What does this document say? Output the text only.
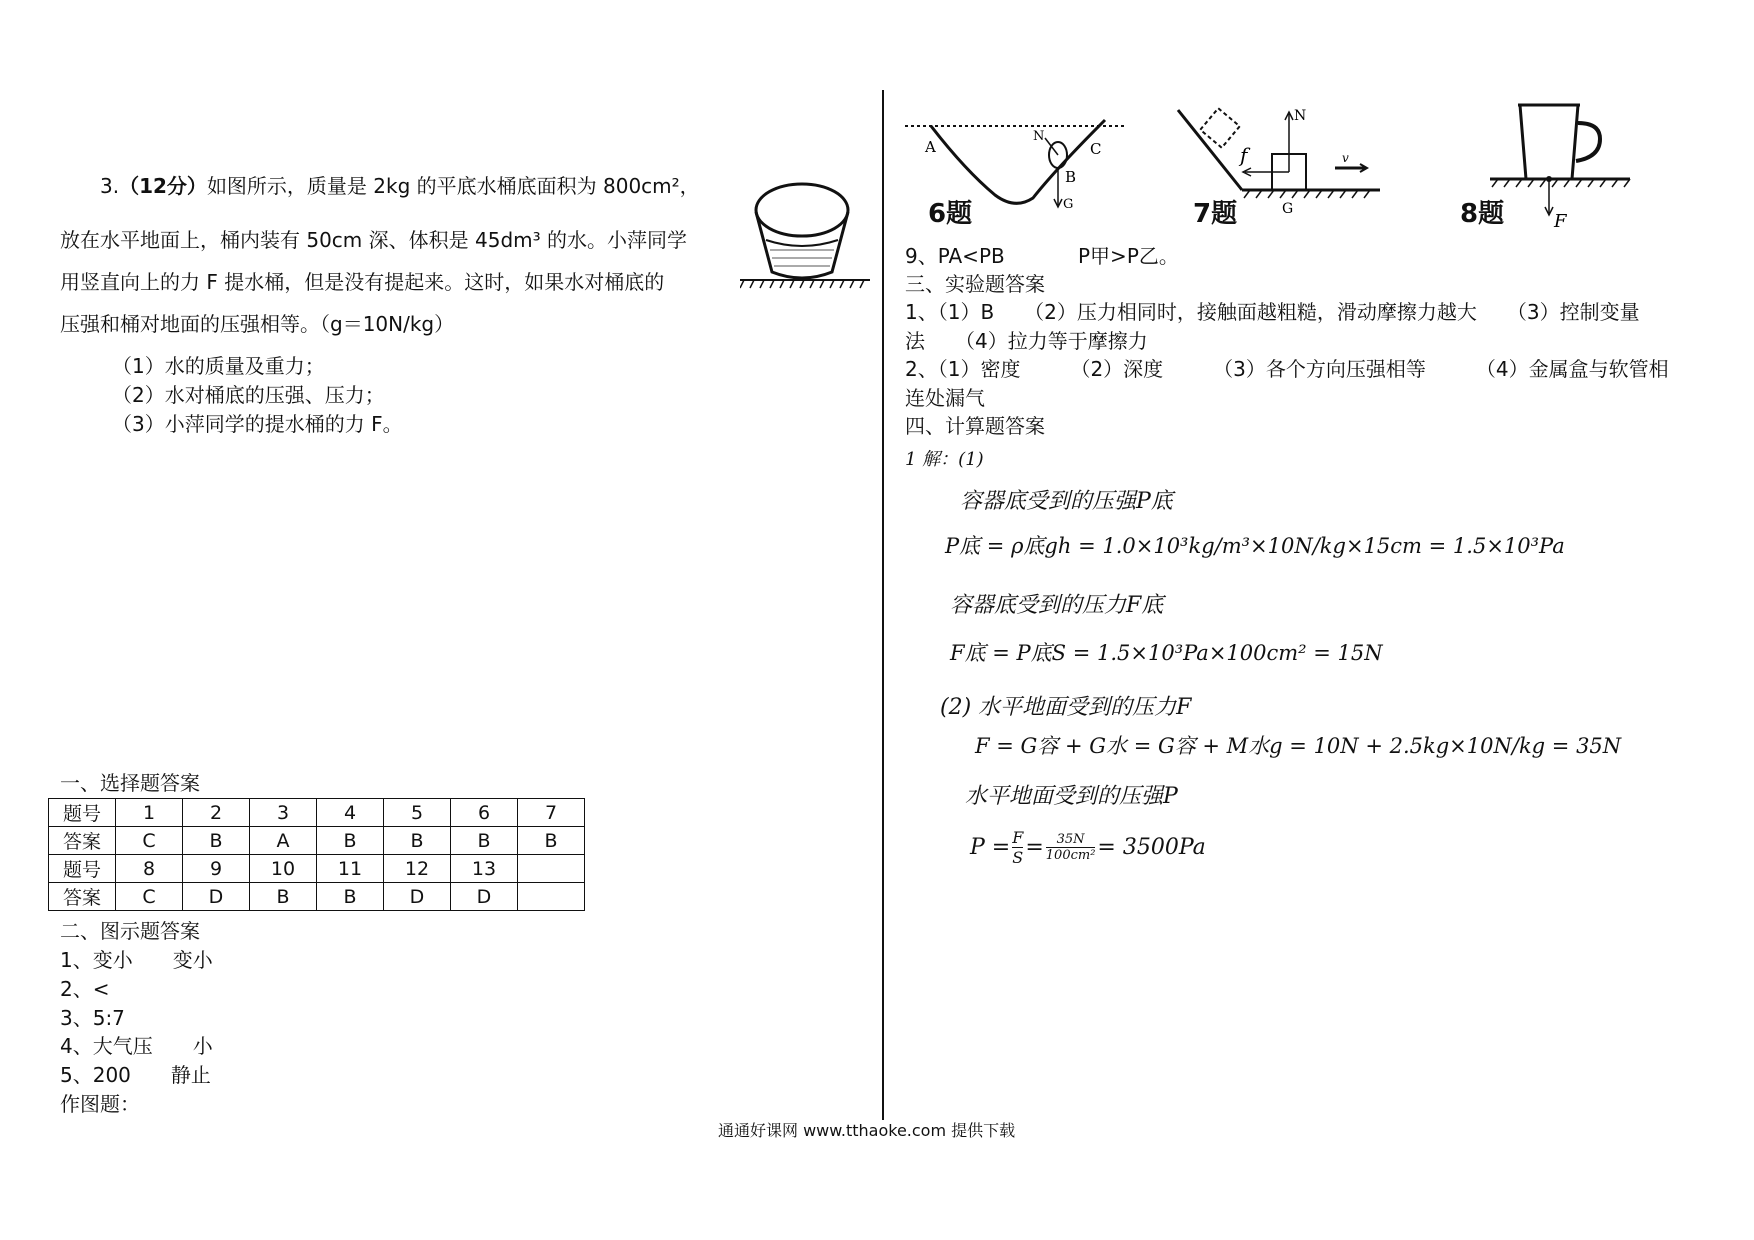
3.（12分）如图所示，质量是 2kg 的平底水桶底面积为 800cm²，
放在水平地面上，桶内装有 50cm 深、体积是 45dm³ 的水。小萍同学
用竖直向上的力 F 提水桶，但是没有提起来。这时，如果水对桶底的
压强和桶对地面的压强相等。（g＝10N/kg）
（1）水的质量及重力；
（2）水对桶底的压强、压力；
（3）小萍同学的提水桶的力 F。
一、选择题答案
题号	1	2	3	4	5	6	7
答案	C	B	A	B	B	B	B
题号	8	9	10	11	12	13	
答案	C	D	B	B	D	D	
二、图示题答案
1、变小　　变小
2、<
3、5:7
4、大气压　　小
5、200　　静止
作图题：
A
B
C
N
G
6题
N
f
G
v
7题	F
8题
9、PA<PB	P甲>P乙。
三、实验题答案
1、（1）B　　（2）压力相同时，接触面越粗糙，滑动摩擦力越大　　（3）控制变量
法　　（4）拉力等于摩擦力
2、（1）密度　　　（2）深度　　　（3）各个方向压强相等　　　（4）金属盒与软管相
连处漏气
四、计算题答案
1 解：(1)
容器底受到的压强P底
P底 = ρ底gh = 1.0×10³kg/m³×10N/kg×15cm = 1.5×10³Pa
容器底受到的压力F底
F底 = P底S = 1.5×10³Pa×100cm² = 15N
(2) 水平地面受到的压力F
F = G容 + G水 = G容 + M水g = 10N + 2.5kg×10N/kg = 35N
水平地面受到的压强P
$P = \frac{F}{S} = \frac{35N}{\text{100cm²}} = 3500Pa$
通通好课网 www.tthaoke.com 提供下载
